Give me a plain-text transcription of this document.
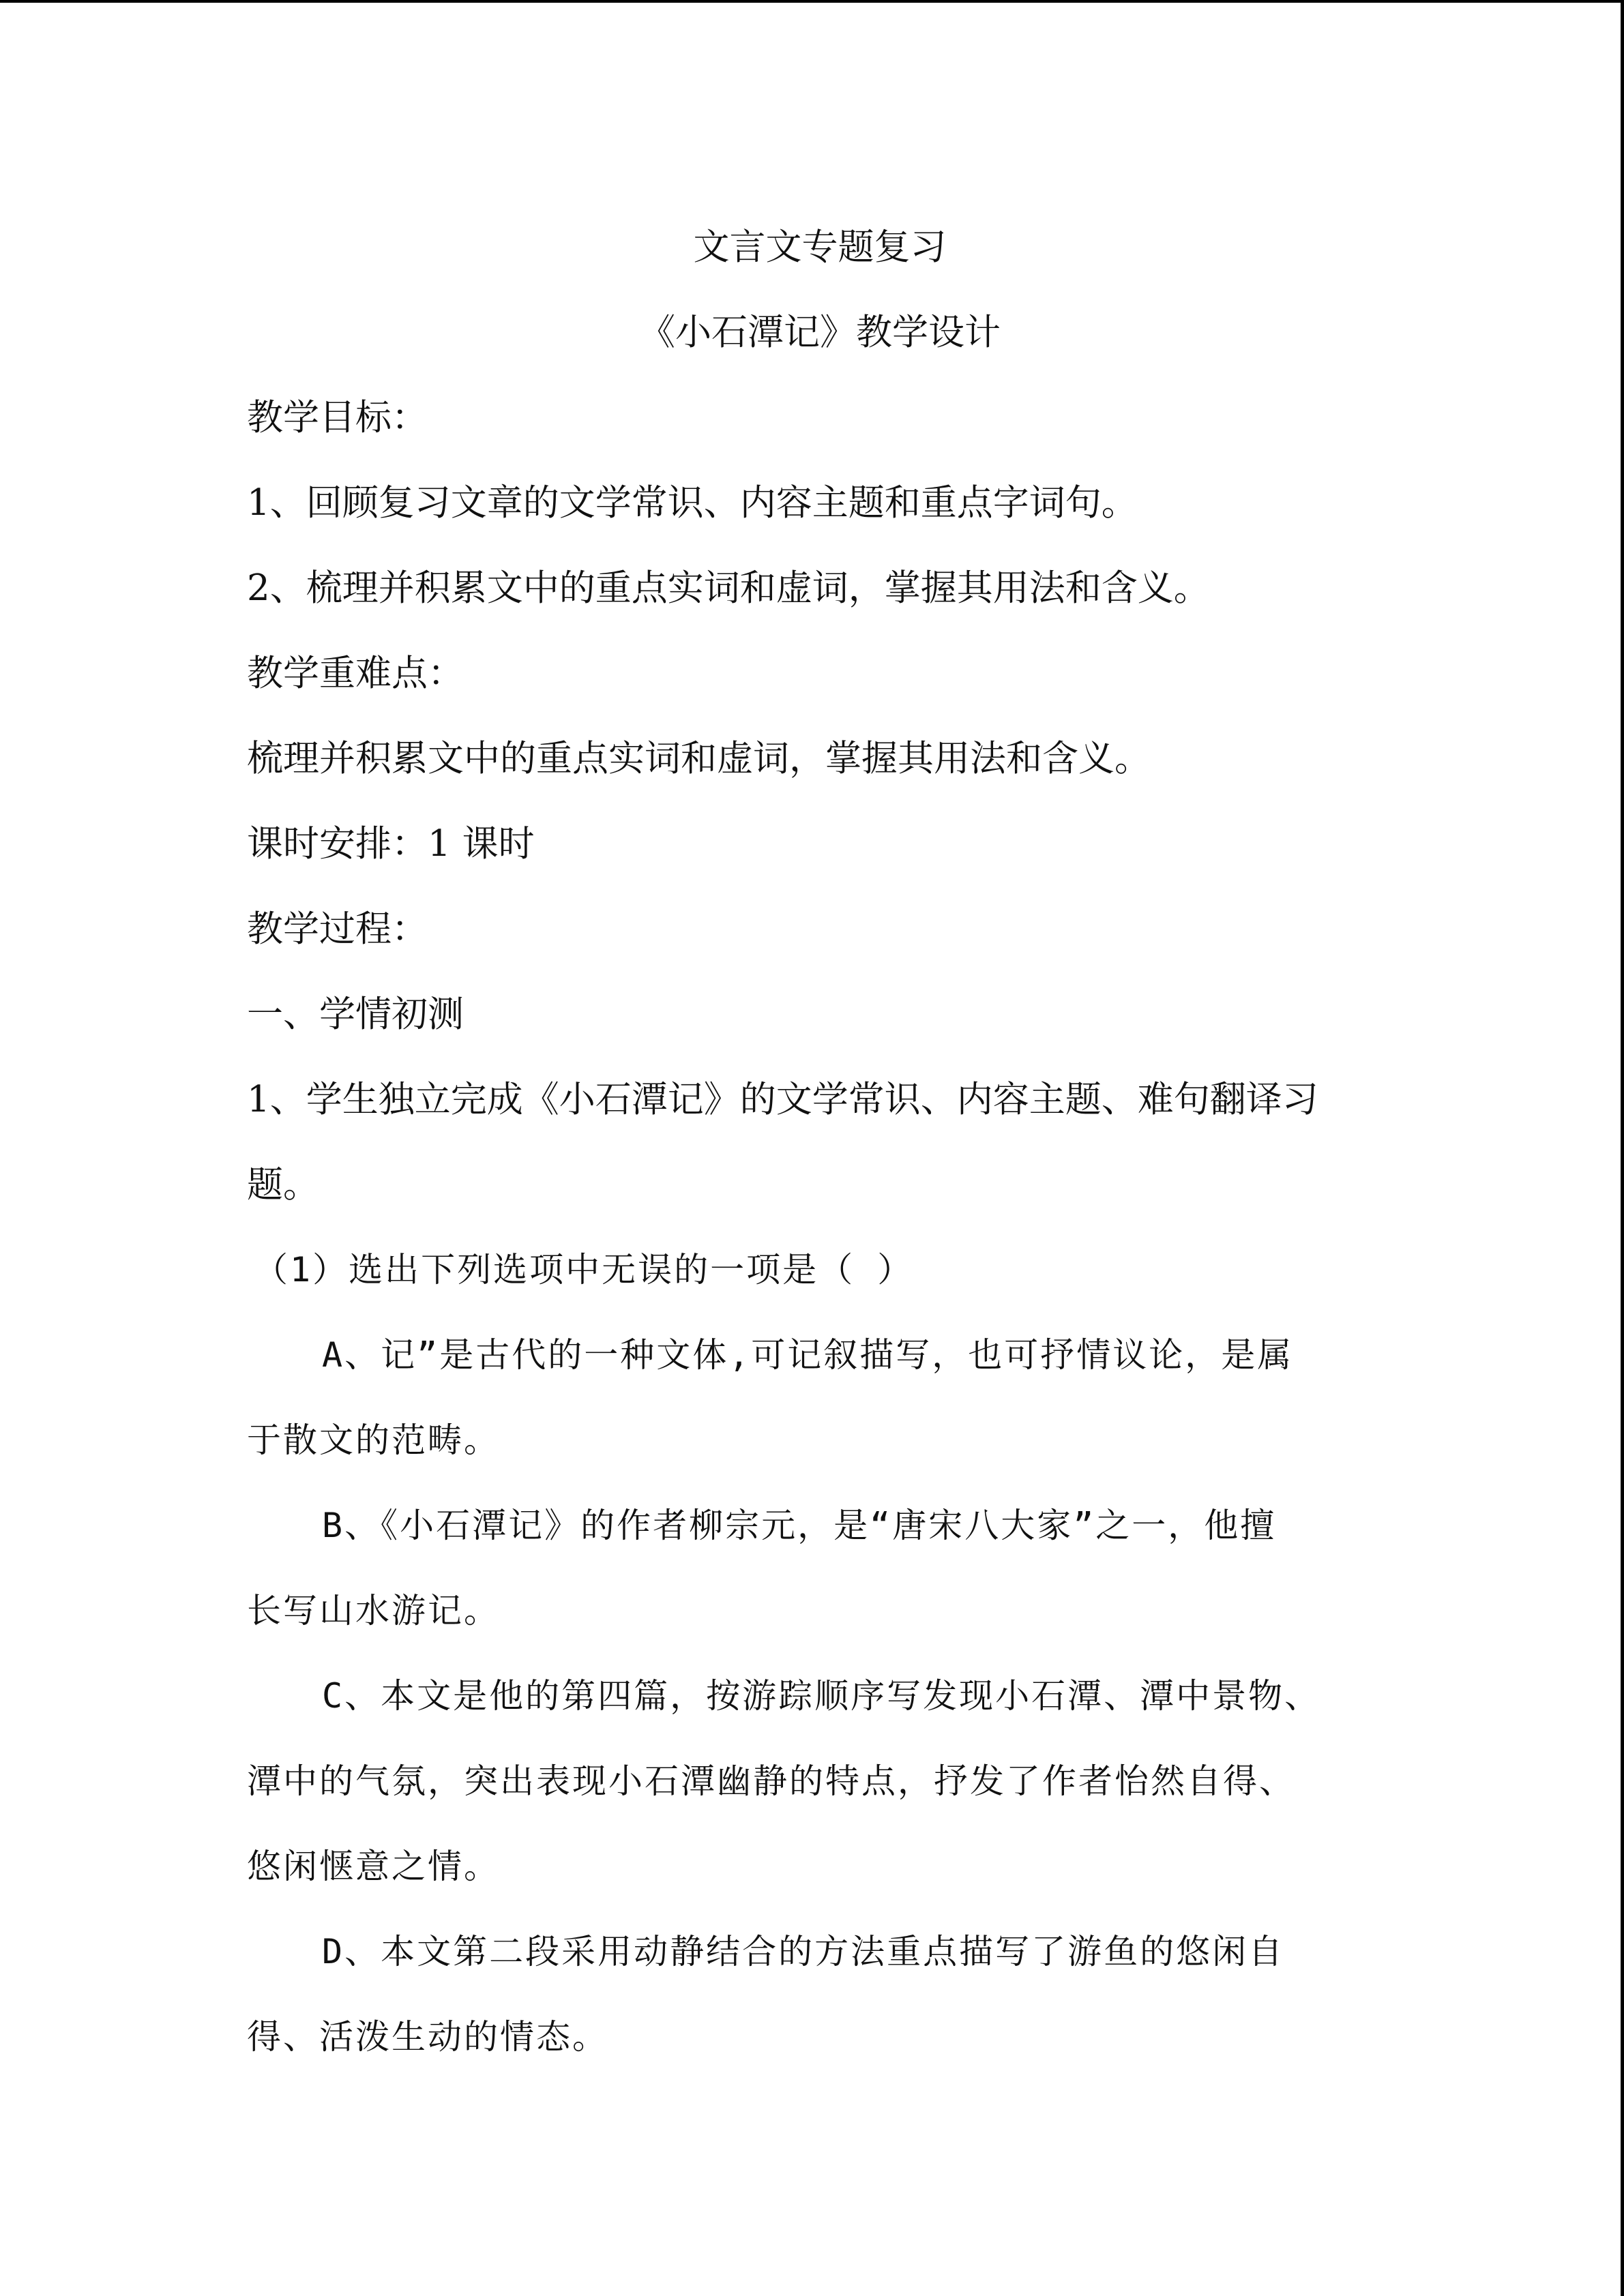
文言文专题复习

《小石潭记》教学设计

教学目标：

1、回顾复习文章的文学常识、内容主题和重点字词句。

2、梳理并积累文中的重点实词和虚词，掌握其用法和含义。

教学重难点：

梳理并积累文中的重点实词和虚词，掌握其用法和含义。

课时安排：1 课时

教学过程：

一、学情初测

1、学生独立完成《小石潭记》的文学常识、内容主题、难句翻译习

题。

（1）选出下列选项中无误的一项是（ ）

A、记”是古代的一种文体,可记叙描写，也可抒情议论，是属

于散文的范畴。

B、《小石潭记》的作者柳宗元，是“唐宋八大家”之一，他擅

长写山水游记。

C、本文是他的第四篇，按游踪顺序写发现小石潭、潭中景物、

潭中的气氛，突出表现小石潭幽静的特点，抒发了作者怡然自得、

悠闲惬意之情。

D、本文第二段采用动静结合的方法重点描写了游鱼的悠闲自

得、活泼生动的情态。
